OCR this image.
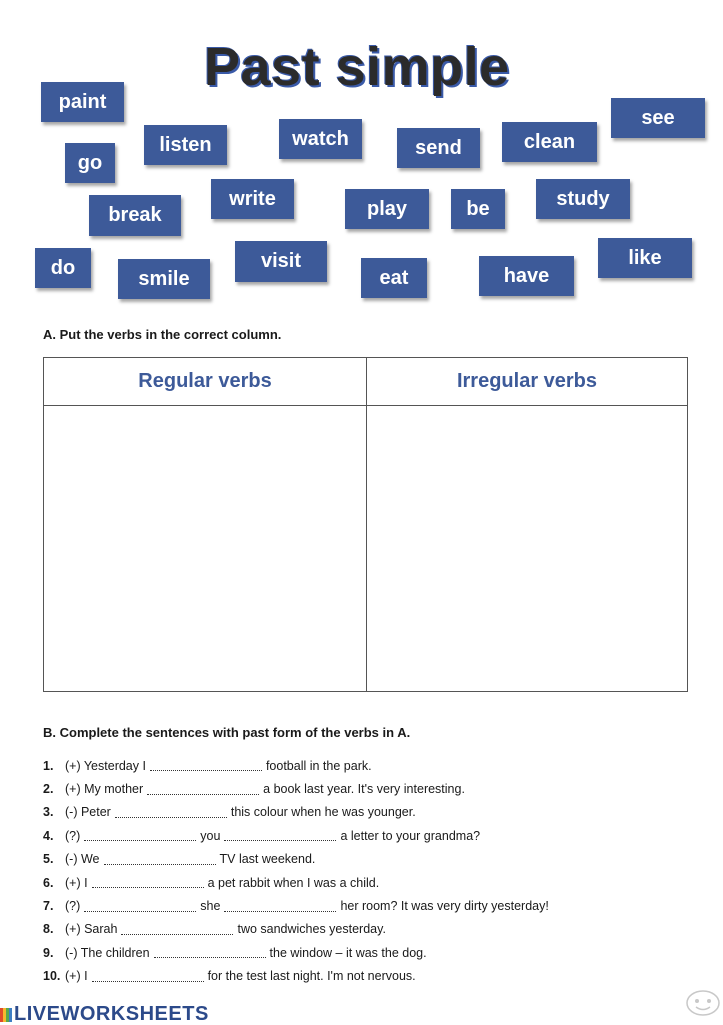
Past simple
paint
see
listen	watch	send	clean
go
write	study
break	play	be
like
do	visit
smile	eat	have
A. Put the verbs in the correct column.
Regular verbs	Irregular verbs
B. Complete the sentences with past form of the verbs in A.
1. (+) Yesterday I	football in the park.
2. (+) My mother	a book last year. It's very interesting.
3. (-) Peter	this colour when he was younger.
4. (?)	you	a letter to your grandma?
5. (-) We	TV last weekend.
6. (+) I	a pet rabbit when I was a child.
7. (?)	she	her room? It was very dirty yesterday!
8. (+) Sarah	two sandwiches yesterday.
9. (-) The children	the window – it was the dog.
10. (+) I	for the test last night. I'm not nervous.
LIVEWORKSHEETS
